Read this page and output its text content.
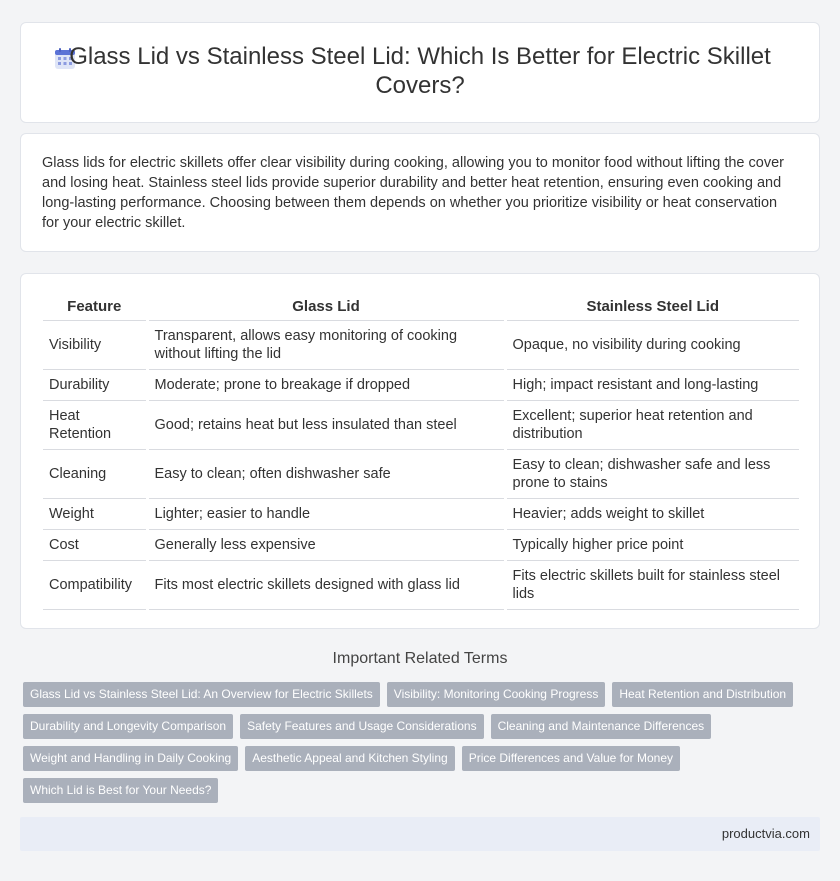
Glass Lid vs Stainless Steel Lid: Which Is Better for Electric Skillet Covers?

Glass lids for electric skillets offer clear visibility during cooking, allowing you to monitor food without lifting the cover and losing heat. Stainless steel lids provide superior durability and better heat retention, ensuring even cooking and long-lasting performance. Choosing between them depends on whether you prioritize visibility or heat conservation for your electric skillet.

Feature	Glass Lid	Stainless Steel Lid
Visibility	Transparent, allows easy monitoring of cooking without lifting the lid	Opaque, no visibility during cooking
Durability	Moderate; prone to breakage if dropped	High; impact resistant and long-lasting
Heat Retention	Good; retains heat but less insulated than steel	Excellent; superior heat retention and distribution
Cleaning	Easy to clean; often dishwasher safe	Easy to clean; dishwasher safe and less prone to stains
Weight	Lighter; easier to handle	Heavier; adds weight to skillet
Cost	Generally less expensive	Typically higher price point
Compatibility	Fits most electric skillets designed with glass lid	Fits electric skillets built for stainless steel lids
Important Related Terms
Glass Lid vs Stainless Steel Lid: An Overview for Electric Skillets	Visibility: Monitoring Cooking Progress	Heat Retention and Distribution
Durability and Longevity Comparison	Safety Features and Usage Considerations	Cleaning and Maintenance Differences
Weight and Handling in Daily Cooking	Aesthetic Appeal and Kitchen Styling	Price Differences and Value for Money
Which Lid is Best for Your Needs?
productvia.com
